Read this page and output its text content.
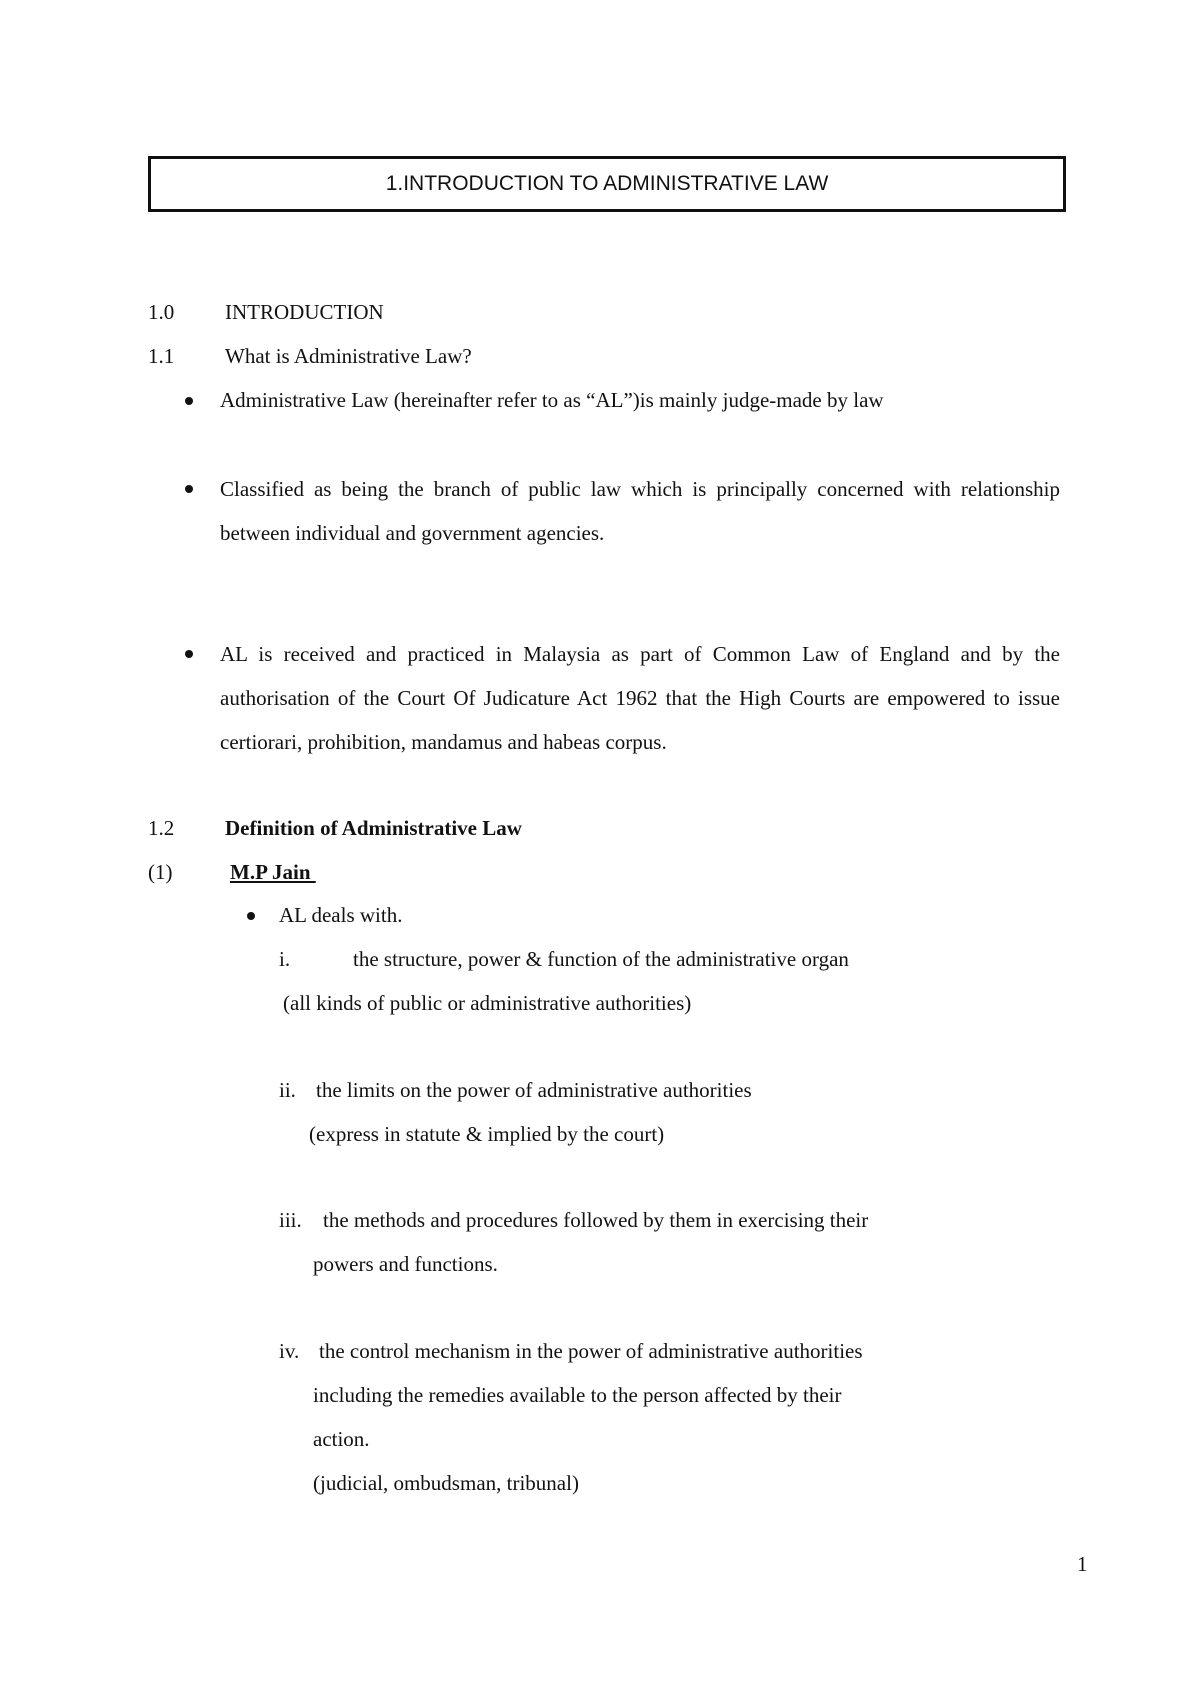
1.INTRODUCTION TO ADMINISTRATIVE LAW
1.0 INTRODUCTION
1.1 What is Administrative Law?
Administrative Law (hereinafter refer to as “AL”)is mainly judge-made by law
Classified as being the branch of public law which is principally concerned with relationship between individual and government agencies.
AL is received and practiced in Malaysia as part of Common Law of England and by the authorisation of the Court Of Judicature Act 1962 that the High Courts are empowered to issue certiorari, prohibition, mandamus and habeas corpus.
1.2 Definition of Administrative Law
(1)	M.P Jain
AL deals with.
i.	the structure, power & function of the administrative organ
(all kinds of public or administrative authorities)
ii. the limits on the power of administrative authorities
(express in statute & implied by the court)
iii. the methods and procedures followed by them in exercising their
powers and functions.
iv. the control mechanism in the power of administrative authorities
including the remedies available to the person affected by their
action.
(judicial, ombudsman, tribunal)
1
